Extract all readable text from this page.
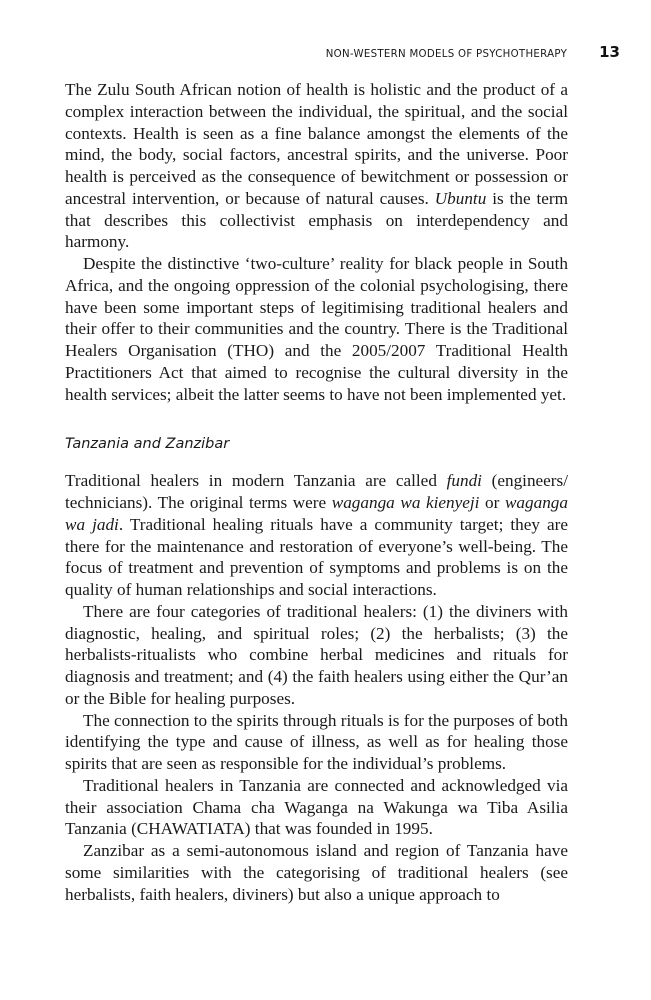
NON-WESTERN MODELS OF PSYCHOTHERAPY 13

The Zulu South African notion of health is holistic and the product of a complex interaction between the individual, the spiritual, and the social contexts. Health is seen as a fine balance amongst the elements of the mind, the body, social factors, ancestral spirits, and the universe. Poor health is perceived as the consequence of bewitchment or possession or ancestral intervention, or because of natural causes. Ubuntu is the term that describes this collectivist emphasis on interdependency and harmony.

Despite the distinctive ‘two-culture’ reality for black people in South Africa, and the ongoing oppression of the colonial psychologising, there have been some important steps of legitimising traditional healers and their offer to their communities and the country. There is the Traditional Healers Organisation (THO) and the 2005/2007 Traditional Health Practitioners Act that aimed to recognise the cultural diversity in the health services; albeit the latter seems to have not been implemented yet.

Tanzania and Zanzibar

Traditional healers in modern Tanzania are called fundi (engineers/ technicians). The original terms were waganga wa kienyeji or waganga wa jadi. Traditional healing rituals have a community target; they are there for the maintenance and restoration of everyone’s well-being. The focus of treatment and prevention of symptoms and problems is on the quality of human relationships and social interactions.

There are four categories of traditional healers: (1) the diviners with diagnostic, healing, and spiritual roles; (2) the herbalists; (3) the herbalists-ritualists who combine herbal medicines and rituals for diagnosis and treatment; and (4) the faith healers using either the Qur’an or the Bible for healing purposes.

The connection to the spirits through rituals is for the purposes of both identifying the type and cause of illness, as well as for healing those spirits that are seen as responsible for the individual’s problems.

Traditional healers in Tanzania are connected and acknowledged via their association Chama cha Waganga na Wakunga wa Tiba Asilia Tanzania (CHAWATIATA) that was founded in 1995.

Zanzibar as a semi-autonomous island and region of Tanzania have some similarities with the categorising of traditional healers (see herbalists, faith healers, diviners) but also a unique approach to
